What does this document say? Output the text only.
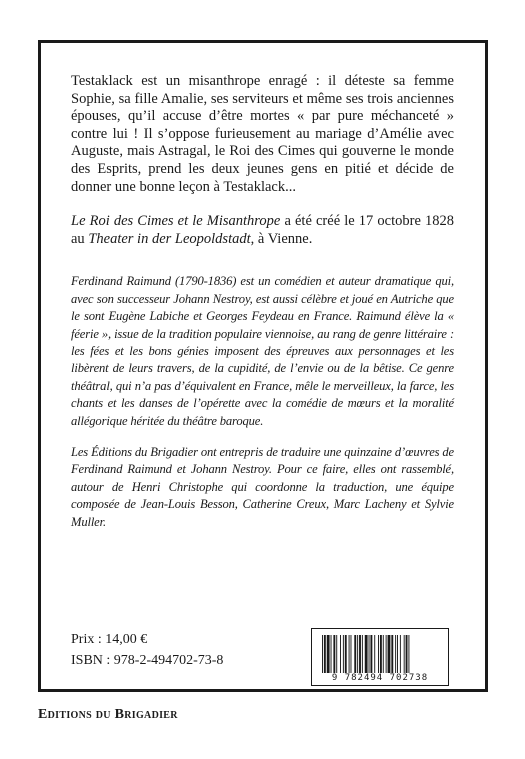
Testaklack est un misanthrope enragé : il déteste sa femme Sophie, sa fille Amalie, ses serviteurs et même ses trois anciennes épouses, qu’il accuse d’être mortes « par pure méchanceté » contre lui ! Il s’oppose furieusement au mariage d’Amélie avec Auguste, mais Astragal, le Roi des Cimes qui gouverne le monde des Esprits, prend les deux jeunes gens en pitié et décide de donner une bonne leçon à Testaklack...

Le Roi des Cimes et le Misanthrope a été créé le 17 octobre 1828 au Theater in der Leopoldstadt, à Vienne.

Ferdinand Raimund (1790-1836) est un comédien et auteur dramatique qui, avec son successeur Johann Nestroy, est aussi célèbre et joué en Autriche que le sont Eugène Labiche et Georges Feydeau en France. Raimund élève la « féerie », issue de la tradition populaire viennoise, au rang de genre littéraire : les fées et les bons génies imposent des épreuves aux personnages et les libèrent de leurs travers, de la cupidité, de l’envie ou de la bêtise. Ce genre théâtral, qui n’a pas d’équivalent en France, mêle le merveilleux, la farce, les chants et les danses de l’opérette avec la comédie de mœurs et la moralité allégorique héritée du théâtre baroque.

Les Éditions du Brigadier ont entrepris de traduire une quinzaine d’œuvres de Ferdinand Raimund et Johann Nestroy. Pour ce faire, elles ont rassemblé, autour de Henri Christophe qui coordonne la traduction, une équipe composée de Jean-Louis Besson, Catherine Creux, Marc Lacheny et Sylvie Muller.

Prix : 14,00 €
ISBN : 978-2-494702-73-8
9 782494 702738
Editions du Brigadier
